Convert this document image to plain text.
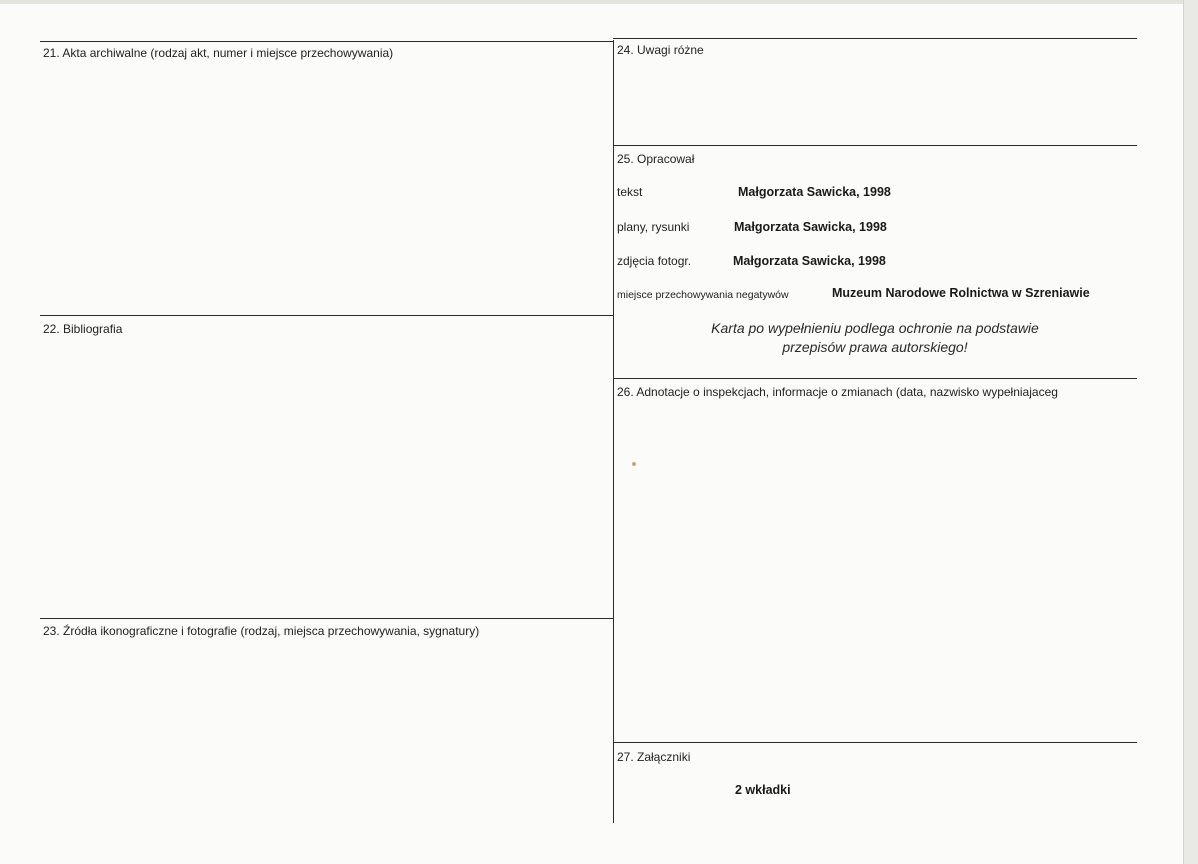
21. Akta archiwalne (rodzaj akt, numer i miejsce przechowywania)
22. Bibliografia
23. Źródła ikonograficzne i fotografie (rodzaj, miejsca przechowywania, sygnatury)
24. Uwagi różne
25. Opracował
tekst	Małgorzata Sawicka, 1998
plany, rysunki	Małgorzata Sawicka, 1998
zdjęcia fotogr.	Małgorzata Sawicka, 1998
miejsce przechowywania negatywów	Muzeum Narodowe Rolnictwa w Szreniawie
Karta po wypełnieniu podlega ochronie na podstawie
przepisów prawa autorskiego!
26. Adnotacje o inspekcjach, informacje o zmianach (data, nazwisko wypełniajaceg
27. Załączniki
2 wkładki
